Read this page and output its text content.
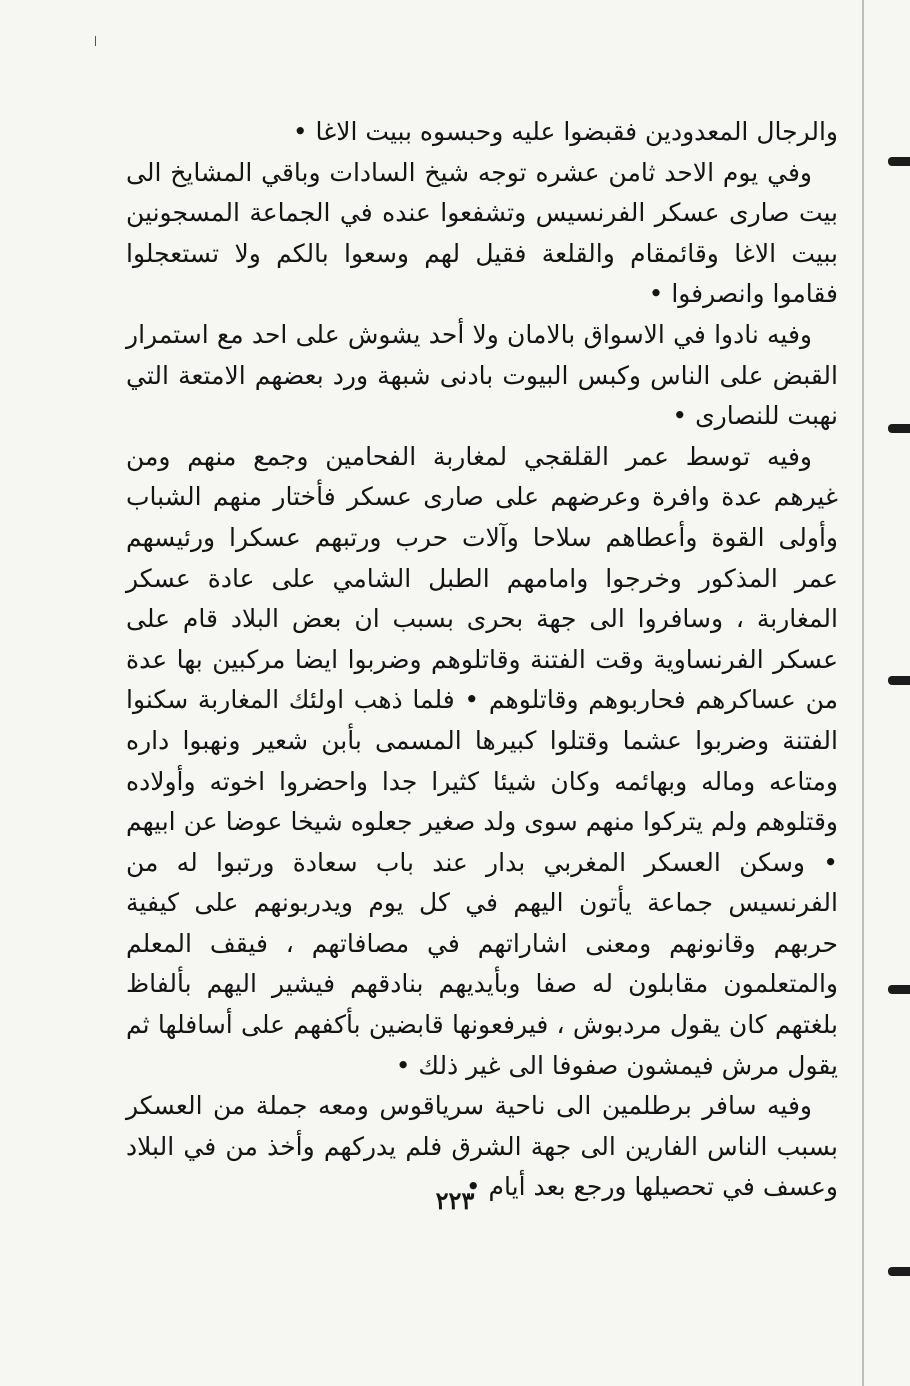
والرجال المعدودين فقبضوا عليه وحبسوه ببيت الاغا •

وفي يوم الاحد ثامن عشره توجه شيخ السادات وباقي المشايخ الى بيت صارى عسكر الفرنسيس وتشفعوا عنده في الجماعة المسجونين ببيت الاغا وقائمقام والقلعة فقيل لهم وسعوا بالكم ولا تستعجلوا فقاموا وانصرفوا •

وفيه نادوا في الاسواق بالامان ولا أحد يشوش على احد مع استمرار القبض على الناس وكبس البيوت بادنى شبهة ورد بعضهم الامتعة التي نهبت للنصارى •

وفيه توسط عمر القلقجي لمغاربة الفحامين وجمع منهم ومن غيرهم عدة وافرة وعرضهم على صارى عسكر فأختار منهم الشباب وأولى القوة وأعطاهم سلاحا وآلات حرب ورتبهم عسكرا ورئيسهم عمر المذكور وخرجوا وامامهم الطبل الشامي على عادة عسكر المغاربة ، وسافروا الى جهة بحرى بسبب ان بعض البلاد قام على عسكر الفرنساوية وقت الفتنة وقاتلوهم وضربوا ايضا مركبين بها عدة من عساكرهم فحاربوهم وقاتلوهم • فلما ذهب اولئك المغاربة سكنوا الفتنة وضربوا عشما وقتلوا كبيرها المسمى بأبن شعير ونهبوا داره ومتاعه وماله وبهائمه وكان شيئا كثيرا جدا واحضروا اخوته وأولاده وقتلوهم ولم يتركوا منهم سوى ولد صغير جعلوه شيخا عوضا عن ابيهم • وسكن العسكر المغربي بدار عند باب سعادة ورتبوا له من الفرنسيس جماعة يأتون اليهم في كل يوم ويدربونهم على كيفية حربهم وقانونهم ومعنى اشاراتهم في مصافاتهم ، فيقف المعلم والمتعلمون مقابلون له صفا وبأيديهم بنادقهم فيشير اليهم بألفاظ بلغتهم كان يقول مردبوش ، فيرفعونها قابضين بأكفهم على أسافلها ثم يقول مرش فيمشون صفوفا الى غير ذلك •

وفيه سافر برطلمين الى ناحية سرياقوس ومعه جملة من العسكر بسبب الناس الفارين الى جهة الشرق فلم يدركهم وأخذ من في البلاد وعسف في تحصيلها ورجع بعد أيام •

٢٢٣
